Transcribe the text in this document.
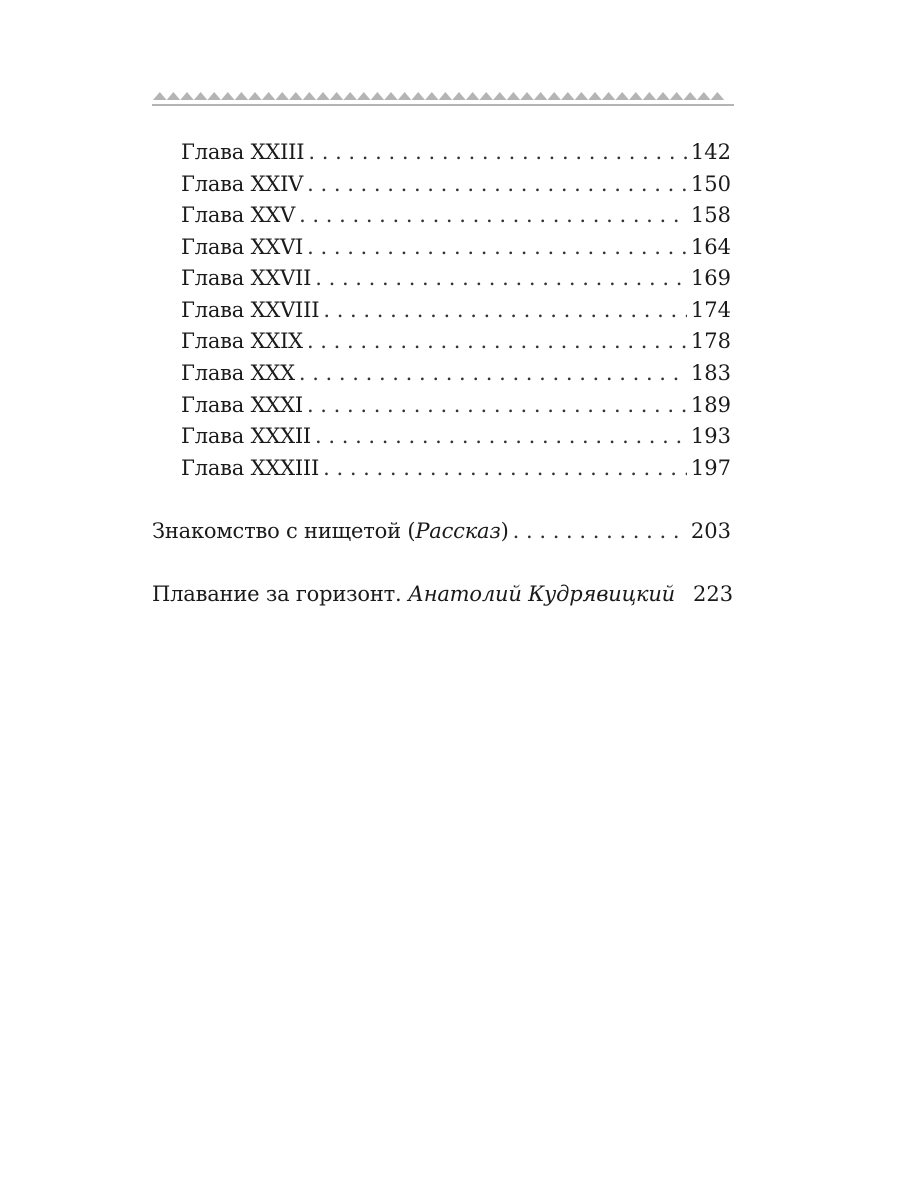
Глава XXIII . . .	142
Глава XXIV . . .	150
Глава XXV . . .	158
Глава XXVI . . .	164
Глава XXVII . . .	169
Глава XXVIII . . .	174
Глава XXIX . . .	178
Глава XXX . . .	183
Глава XXXI . . .	189
Глава XXXII . . .	193
Глава XXXIII . . .	197
Знакомство с нищетой (Рассказ) . . .	203
Плавание за горизонт. Анатолий Кудрявицкий 223
